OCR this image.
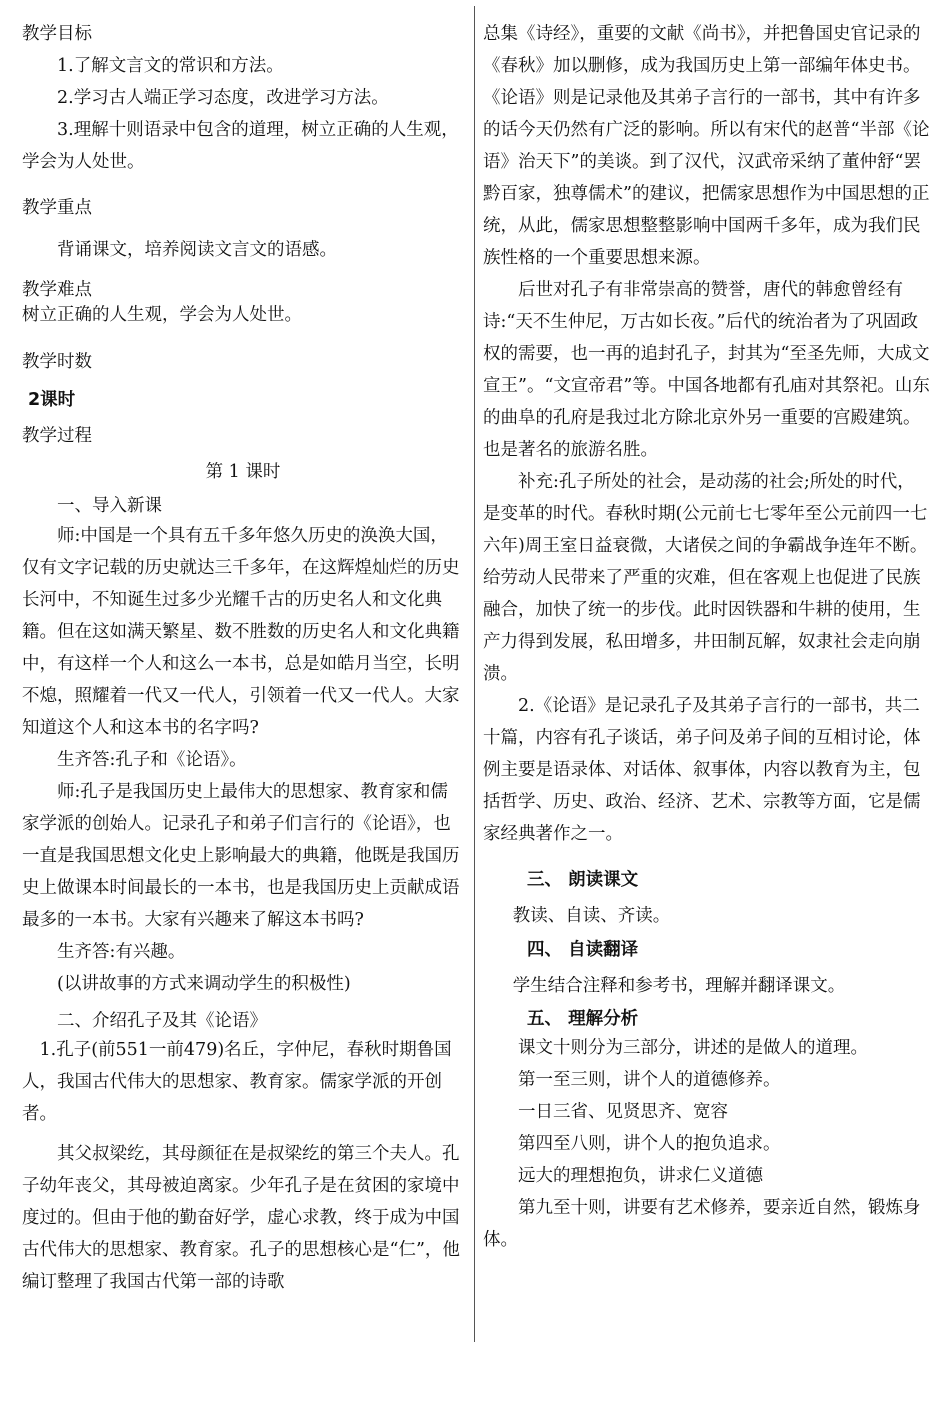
教学目标

1.了解文言文的常识和方法。

2.学习古人端正学习态度，改进学习方法。

3.理解十则语录中包含的道理，树立正确的人生观，学会为人处世。

教学重点

背诵课文，培养阅读文言文的语感。

教学难点

树立正确的人生观，学会为人处世。

教学时数

2课时

教学过程

第 1 课时

一、导入新课

师:中国是一个具有五千多年悠久历史的涣涣大国，仅有文字记载的历史就达三千多年，在这辉煌灿烂的历史长河中，不知诞生过多少光耀千古的历史名人和文化典籍。但在这如满天繁星、数不胜数的历史名人和文化典籍中，有这样一个人和这么一本书，总是如皓月当空，长明不熄，照耀着一代又一代人，引领着一代又一代人。大家知道这个人和这本书的名字吗?

生齐答:孔子和《论语》。

师:孔子是我国历史上最伟大的思想家、教育家和儒家学派的创始人。记录孔子和弟子们言行的《论语》，也一直是我国思想文化史上影响最大的典籍，他既是我国历史上做课本时间最长的一本书，也是我国历史上贡献成语最多的一本书。大家有兴趣来了解这本书吗?

生齐答:有兴趣。

(以讲故事的方式来调动学生的积极性)

二、介绍孔子及其《论语》

1.孔子(前551一前479)名丘，字仲尼，春秋时期鲁国人，我国古代伟大的思想家、教育家。儒家学派的开创者。

其父叔梁纥，其母颜征在是叔梁纥的第三个夫人。孔子幼年丧父，其母被迫离家。少年孔子是在贫困的家境中度过的。但由于他的勤奋好学，虚心求教，终于成为中国古代伟大的思想家、教育家。孔子的思想核心是“仁”，他编订整理了我国古代第一部的诗歌

总集《诗经》，重要的文献《尚书》，并把鲁国史官记录的《春秋》加以删修，成为我国历史上第一部编年体史书。《论语》则是记录他及其弟子言行的一部书，其中有许多的话今天仍然有广泛的影响。所以有宋代的赵普“半部《论语》治天下”的美谈。到了汉代，汉武帝采纳了董仲舒“罢黔百家，独尊儒术”的建议，把儒家思想作为中国思想的正统，从此，儒家思想整整影响中国两千多年，成为我们民族性格的一个重要思想来源。

后世对孔子有非常崇高的赞誉，唐代的韩愈曾经有诗:“天不生仲尼，万古如长夜。”后代的统治者为了巩固政权的需要，也一再的追封孔子，封其为“至圣先师，大成文宣王”。“文宣帝君”等。中国各地都有孔庙对其祭祀。山东的曲阜的孔府是我过北方除北京外另一重要的宫殿建筑。也是著名的旅游名胜。

补充:孔子所处的社会，是动荡的社会;所处的时代，是变革的时代。春秋时期(公元前七七零年至公元前四一七六年)周王室日益衰微，大诸侯之间的争霸战争连年不断。给劳动人民带来了严重的灾难，但在客观上也促进了民族融合，加快了统一的步伐。此时因铁器和牛耕的使用，生产力得到发展，私田增多，井田制瓦解，奴隶社会走向崩溃。

2.《论语》是记录孔子及其弟子言行的一部书，共二十篇，内容有孔子谈话，弟子问及弟子间的互相讨论，体例主要是语录体、对话体、叙事体，内容以教育为主，包括哲学、历史、政治、经济、艺术、宗教等方面，它是儒家经典著作之一。

三、 朗读课文

教读、自读、齐读。

四、 自读翻译

学生结合注释和参考书，理解并翻译课文。

五、 理解分析

课文十则分为三部分，讲述的是做人的道理。

第一至三则，讲个人的道德修养。

一日三省、见贤思齐、宽容

第四至八则，讲个人的抱负追求。

远大的理想抱负，讲求仁义道德

第九至十则，讲要有艺术修养，要亲近自然，锻炼身体。
